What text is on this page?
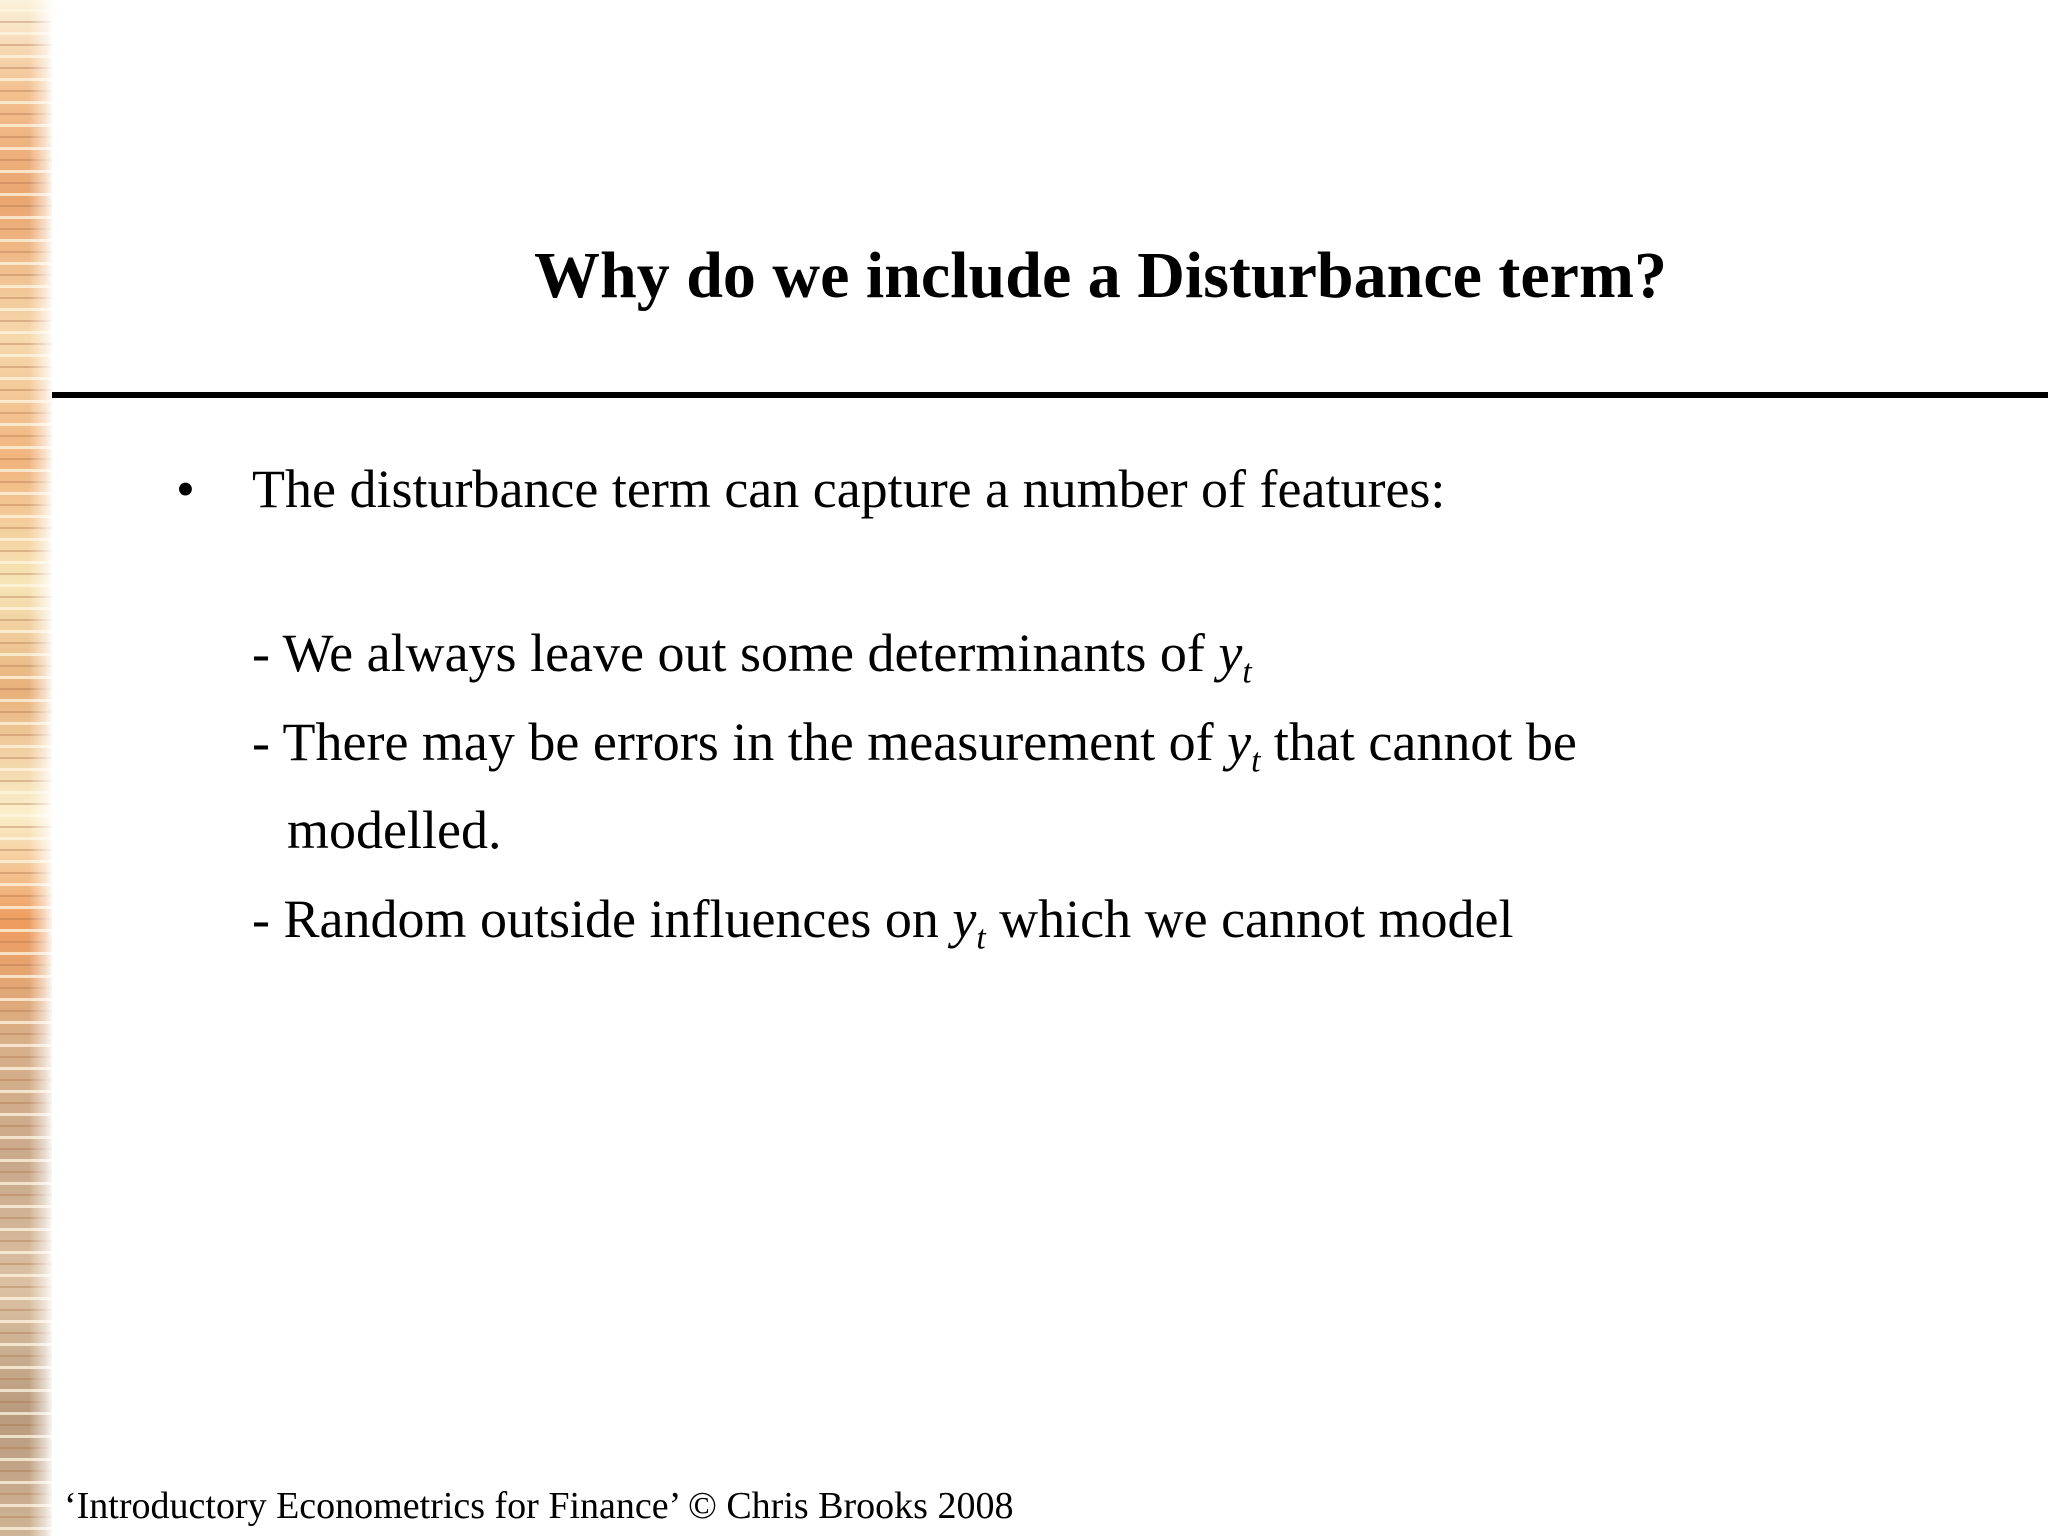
Why do we include a Disturbance term?
• The disturbance term can capture a number of features:
- We always leave out some determinants of $y_t$
- There may be errors in the measurement of $y_t$ that cannot be
modelled.
- Random outside influences on $y_t$ which we cannot model
‘Introductory Econometrics for Finance’ © Chris Brooks 2008
